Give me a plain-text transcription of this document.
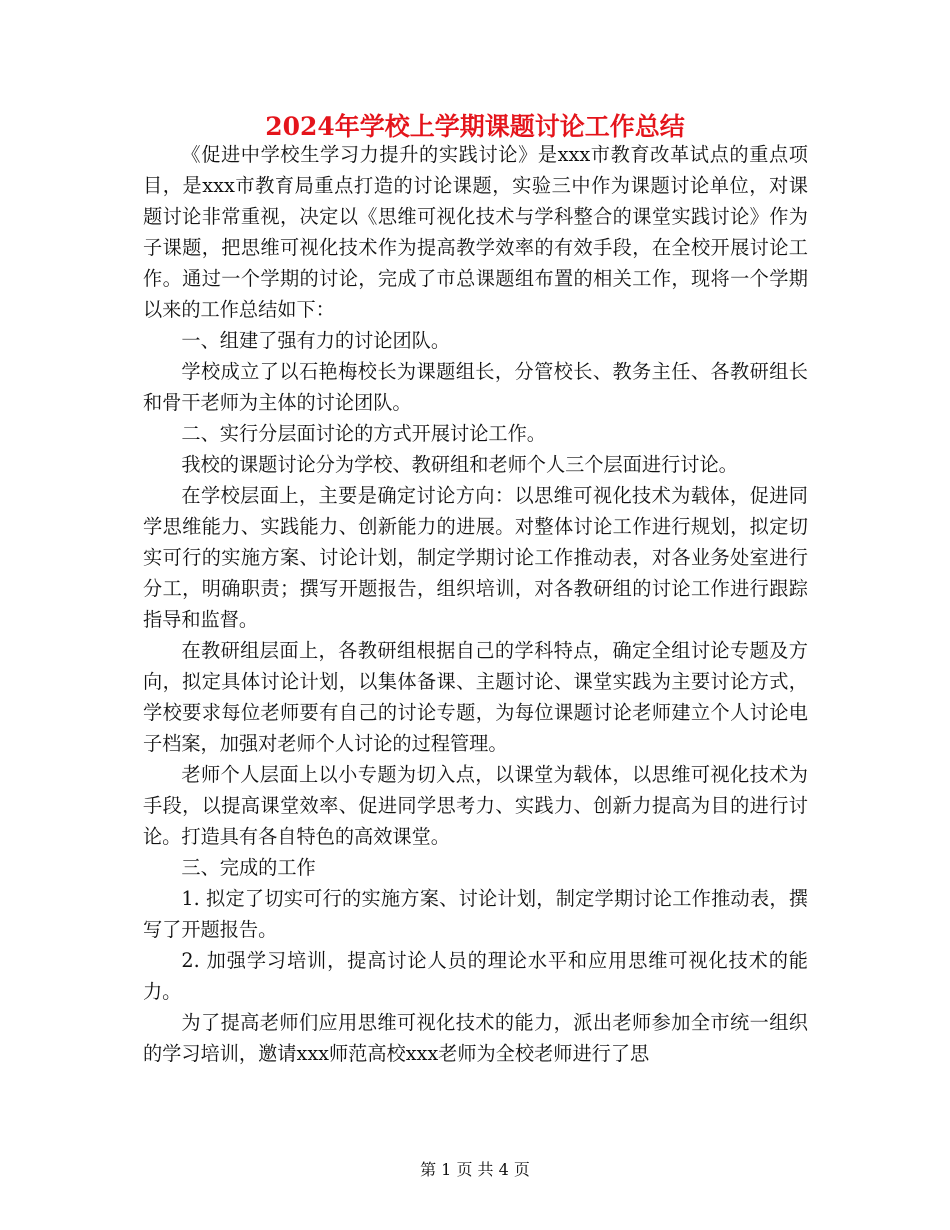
2024年学校上学期课题讨论工作总结

《促进中学校生学习力提升的实践讨论》是xxx市教育改革试点的重点项目，是xxx市教育局重点打造的讨论课题，实验三中作为课题讨论单位，对课题讨论非常重视，决定以《思维可视化技术与学科整合的课堂实践讨论》作为子课题，把思维可视化技术作为提高教学效率的有效手段，在全校开展讨论工作。通过一个学期的讨论，完成了市总课题组布置的相关工作，现将一个学期以来的工作总结如下：

一、组建了强有力的讨论团队。

学校成立了以石艳梅校长为课题组长，分管校长、教务主任、各教研组长和骨干老师为主体的讨论团队。

二、实行分层面讨论的方式开展讨论工作。

我校的课题讨论分为学校、教研组和老师个人三个层面进行讨论。

在学校层面上，主要是确定讨论方向：以思维可视化技术为载体，促进同学思维能力、实践能力、创新能力的进展。对整体讨论工作进行规划，拟定切实可行的实施方案、讨论计划，制定学期讨论工作推动表，对各业务处室进行分工，明确职责；撰写开题报告，组织培训，对各教研组的讨论工作进行跟踪指导和监督。

在教研组层面上，各教研组根据自己的学科特点，确定全组讨论专题及方向，拟定具体讨论计划，以集体备课、主题讨论、课堂实践为主要讨论方式，学校要求每位老师要有自己的讨论专题，为每位课题讨论老师建立个人讨论电子档案，加强对老师个人讨论的过程管理。

老师个人层面上以小专题为切入点，以课堂为载体，以思维可视化技术为手段，以提高课堂效率、促进同学思考力、实践力、创新力提高为目的进行讨论。打造具有各自特色的高效课堂。

三、完成的工作

1. 拟定了切实可行的实施方案、讨论计划，制定学期讨论工作推动表，撰写了开题报告。

2. 加强学习培训，提高讨论人员的理论水平和应用思维可视化技术的能力。

为了提高老师们应用思维可视化技术的能力，派出老师参加全市统一组织的学习培训，邀请xxx师范高校xxx老师为全校老师进行了思

第 1 页 共 4 页
